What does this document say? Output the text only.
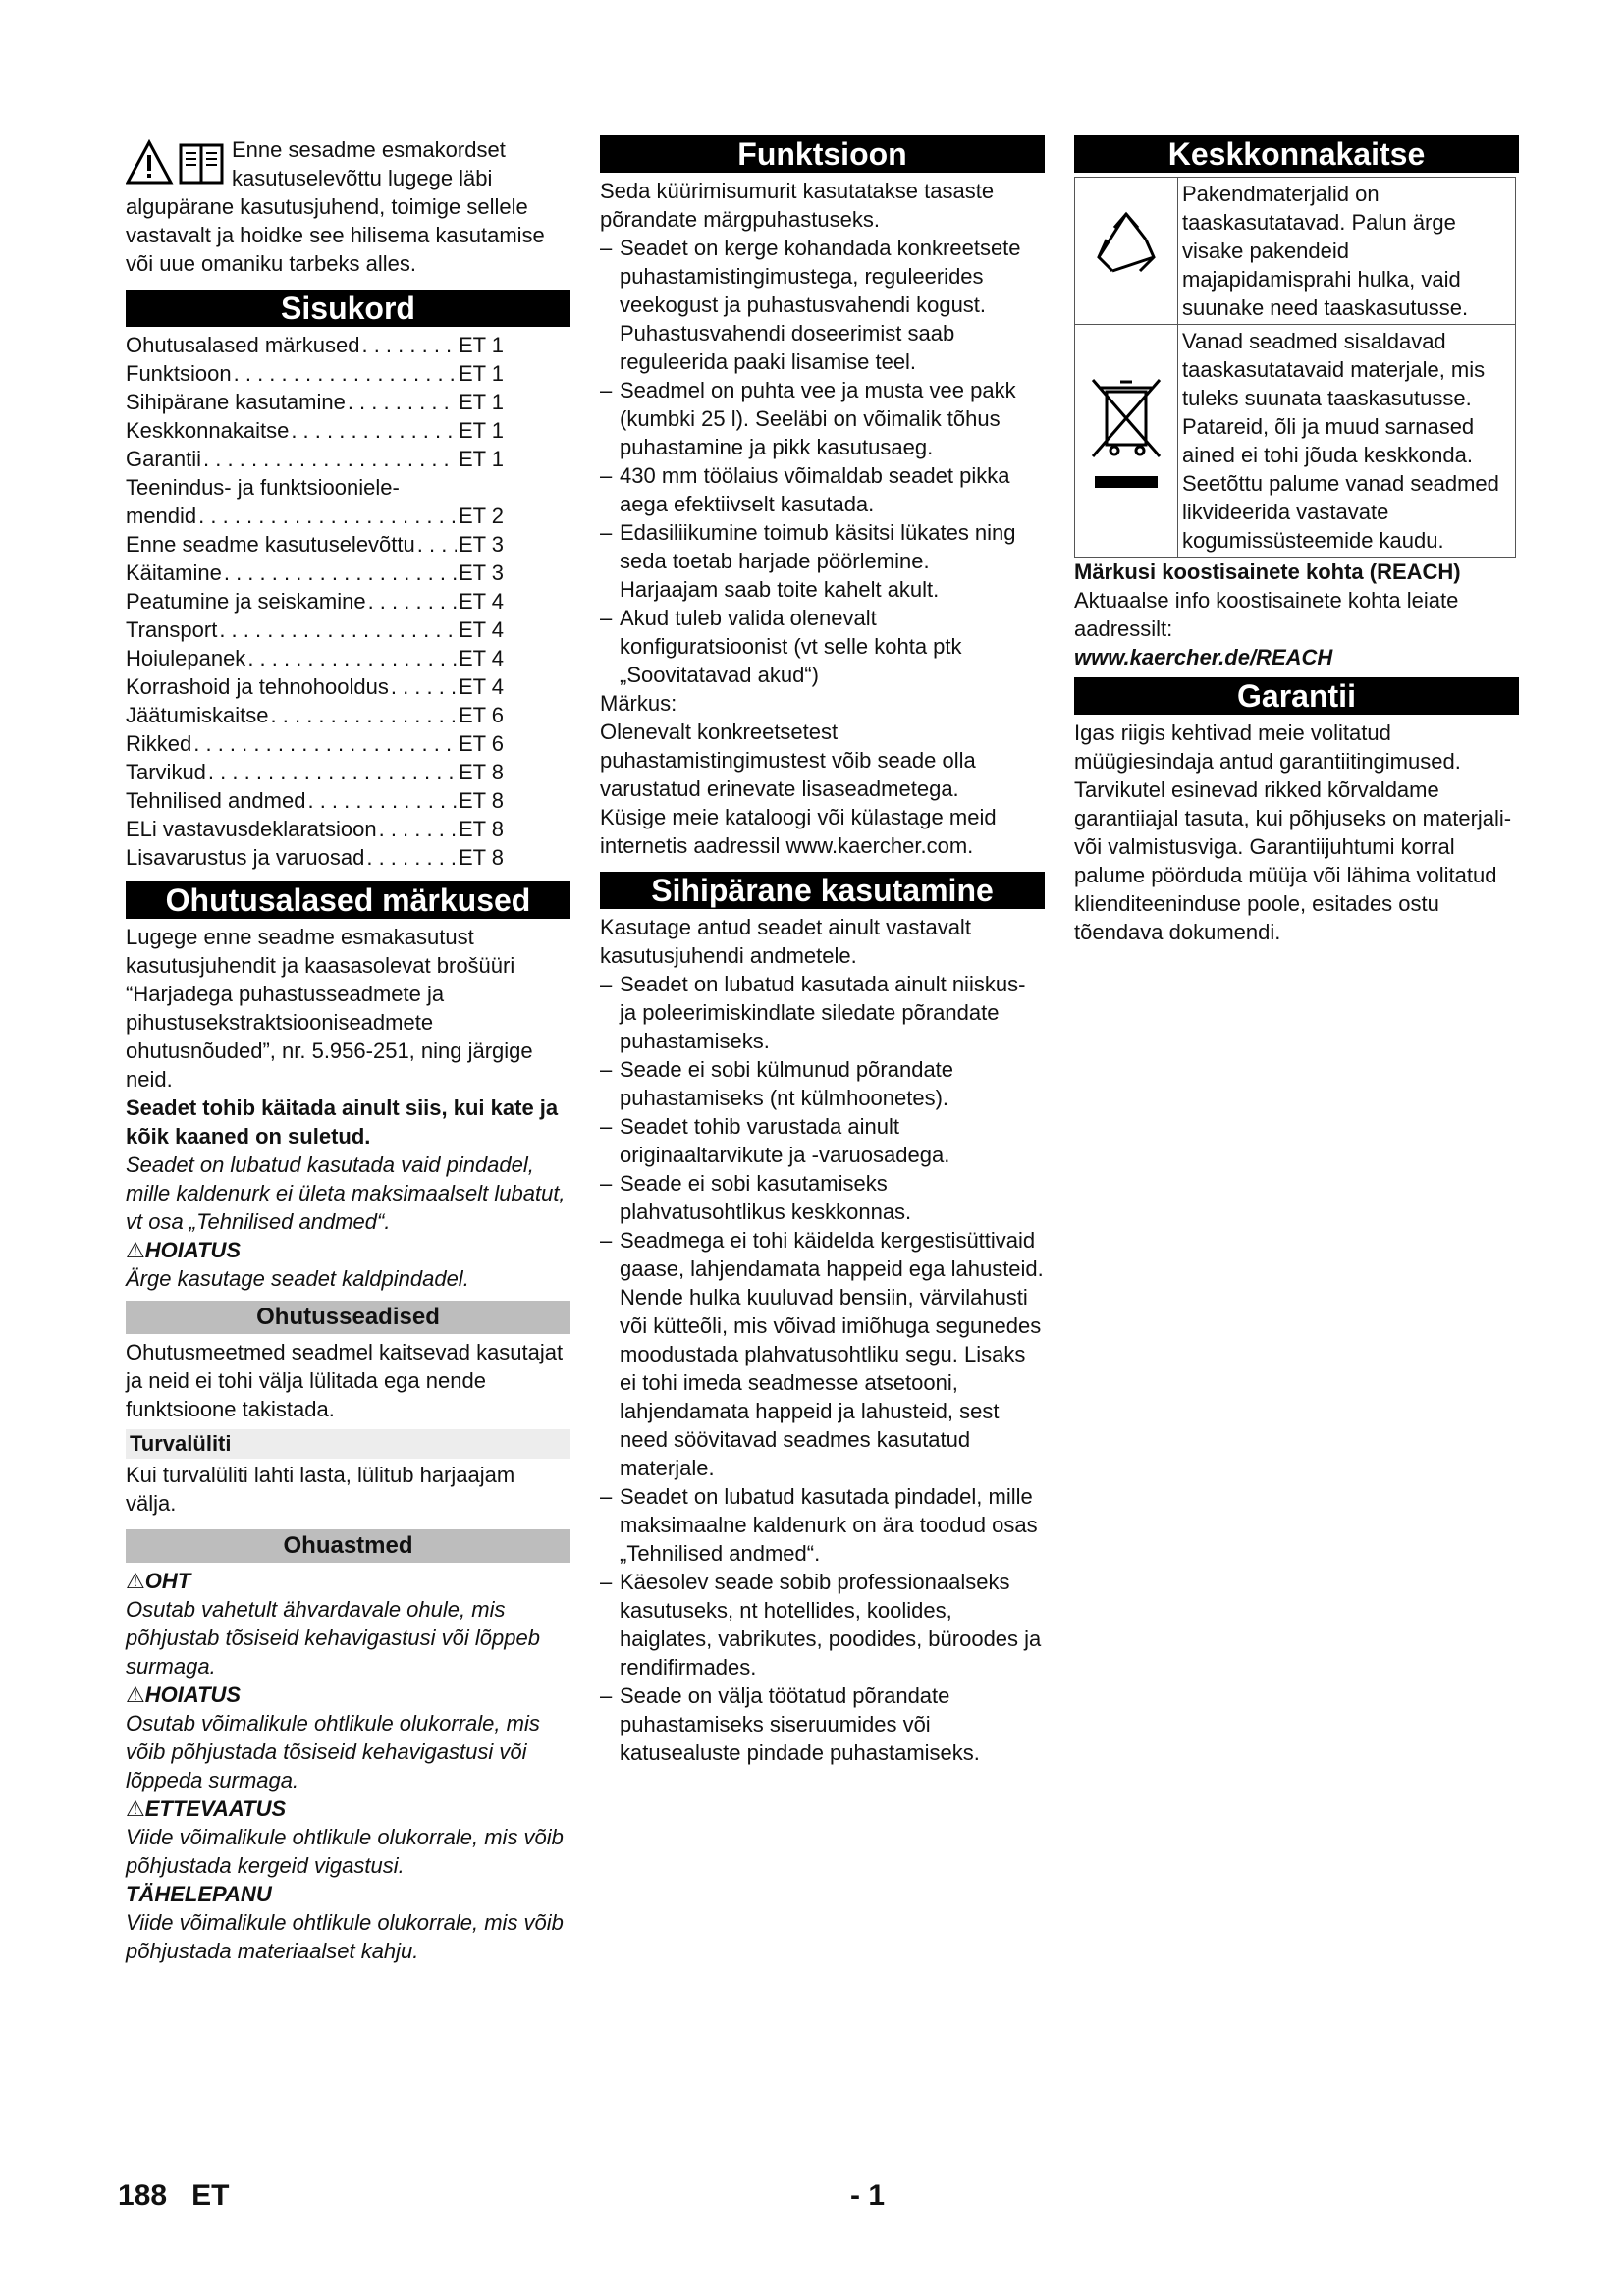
Enne sesadme esmakordset kasutuselevõttu lugege läbi algupärane kasutusjuhend, toimige sellele vastavalt ja hoidke see hilisema kasutamise või uue omaniku tarbeks alles.

Sisukord
Ohutusalased märkused . . .	ET 1
Funktsioon . . .	ET 1
Sihipärane kasutamine . . .	ET 1
Keskkonnakaitse . . .	ET 1
Garantii . . .	ET 1
Teenindus- ja funktsiooniele-
mendid . . .	ET 2
Enne seadme kasutuselevõttu . . . ET 3
Käitamine . . .	ET 3
Peatumine ja seiskamine . . .	ET 4
Transport . . .	ET 4
Hoiulepanek . . .	ET 4
Korrashoid ja tehnohooldus . . .	ET 4
Jäätumiskaitse . . .	ET 6
Rikked . . .	ET 6
Tarvikud . . .	ET 8
Tehnilised andmed . . .	ET 8
ELi vastavusdeklaratsioon . . .	ET 8
Lisavarustus ja varuosad . . .	ET 8
Ohutusalased märkused

Lugege enne seadme esmakasutust kasutusjuhendit ja kaasasolevat brošüüri “Harjadega puhastusseadmete ja pihustusekstraktsiooniseadmete ohutusnõuded”, nr. 5.956-251, ning järgige neid.

Seadet tohib käitada ainult siis, kui kate ja kõik kaaned on suletud.

Seadet on lubatud kasutada vaid pindadel, mille kaldenurk ei ületa maksimaalselt lubatut, vt osa „Tehnilised andmed“.

⚠HOIATUS

Ärge kasutage seadet kaldpindadel.

Ohutusseadised

Ohutusmeetmed seadmel kaitsevad kasutajat ja neid ei tohi välja lülitada ega nende funktsioone takistada.

Turvalüliti

Kui turvalüliti lahti lasta, lülitub harjaajam välja.

Ohuastmed

⚠OHT

Osutab vahetult ähvardavale ohule, mis põhjustab tõsiseid kehavigastusi või lõppeb surmaga.

⚠HOIATUS

Osutab võimalikule ohtlikule olukorrale, mis võib põhjustada tõsiseid kehavigastusi või lõppeda surmaga.

⚠ETTEVAATUS

Viide võimalikule ohtlikule olukorrale, mis võib põhjustada kergeid vigastusi.

TÄHELEPANU

Viide võimalikule ohtlikule olukorrale, mis võib põhjustada materiaalset kahju.

Funktsioon

Seda küürimisumurit kasutatakse tasaste põrandate märgpuhastuseks.

– Seadet on kerge kohandada konkreetsete puhastamistingimustega, reguleerides veekogust ja puhastusvahendi kogust.
Puhastusvahendi doseerimist saab reguleerida paaki lisamise teel.
– Seadmel on puhta vee ja musta vee pakk (kumbki 25 l). Seeläbi on võimalik tõhus puhastamine ja pikk kasutusaeg.
– 430 mm töölaius võimaldab seadet pikka aega efektiivselt kasutada.
– Edasiliikumine toimub käsitsi lükates ning seda toetab harjade pöörlemine.
Harjaajam saab toite kahelt akult.
– Akud tuleb valida olenevalt konfiguratsioonist (vt selle kohta ptk „Soovitatavad akud“)

Märkus:

Olenevalt konkreetsetest puhastamistingimustest võib seade olla varustatud erinevate lisaseadmetega.

Küsige meie kataloogi või külastage meid internetis aadressil www.kaercher.com.

Sihipärane kasutamine

Kasutage antud seadet ainult vastavalt kasutusjuhendi andmetele.

– Seadet on lubatud kasutada ainult niiskus- ja poleerimiskindlate siledate põrandate puhastamiseks.
– Seade ei sobi külmunud põrandate puhastamiseks (nt külmhoonetes).
– Seadet tohib varustada ainult originaaltarvikute ja -varuosadega.
– Seade ei sobi kasutamiseks plahvatusohtlikus keskkonnas.
– Seadmega ei tohi käidelda kergestisüttivaid gaase, lahjendamata happeid ega lahusteid.
Nende hulka kuuluvad bensiin, värvilahusti või kütteõli, mis võivad imiõhuga segunedes moodustada plahvatusohtliku segu. Lisaks ei tohi imeda seadmesse atsetooni, lahjendamata happeid ja lahusteid, sest need söövitavad seadmes kasutatud materjale.
– Seadet on lubatud kasutada pindadel, mille maksimaalne kaldenurk on ära toodud osas „Tehnilised andmed“.
– Käesolev seade sobib professionaalseks kasutuseks, nt hotellides, koolides, haiglates, vabrikutes, poodides, büroodes ja rendifirmades.
– Seade on välja töötatud põrandate puhastamiseks siseruumides või katusealuste pindade puhastamiseks.
Keskkonnakaitse
	Pakendmaterjalid on taaskasutatavad. Palun ärge visake pakendeid majapidamisprahi hulka, vaid suunake need taaskasutusse.
	Vanad seadmed sisaldavad taaskasutatavaid materjale, mis tuleks suunata taaskasutusse. Patareid, õli ja muud sarnased ained ei tohi jõuda keskkonda. Seetõttu palume vanad seadmed likvideerida vastavate kogumissüsteemide kaudu.

Märkusi koostisainete kohta (REACH)

Aktuaalse info koostisainete kohta leiate aadressilt:

www.kaercher.de/REACH

Garantii

Igas riigis kehtivad meie volitatud müügiesindaja antud garantiitingimused. Tarvikutel esinevad rikked kõrvaldame garantiiajal tasuta, kui põhjuseks on materjali- või valmistusviga. Garantiijuhtumi korral palume pöörduda müüja või lähima volitatud klienditeeninduse poole, esitades ostu tõendava dokumendi.

188 ET	- 1
